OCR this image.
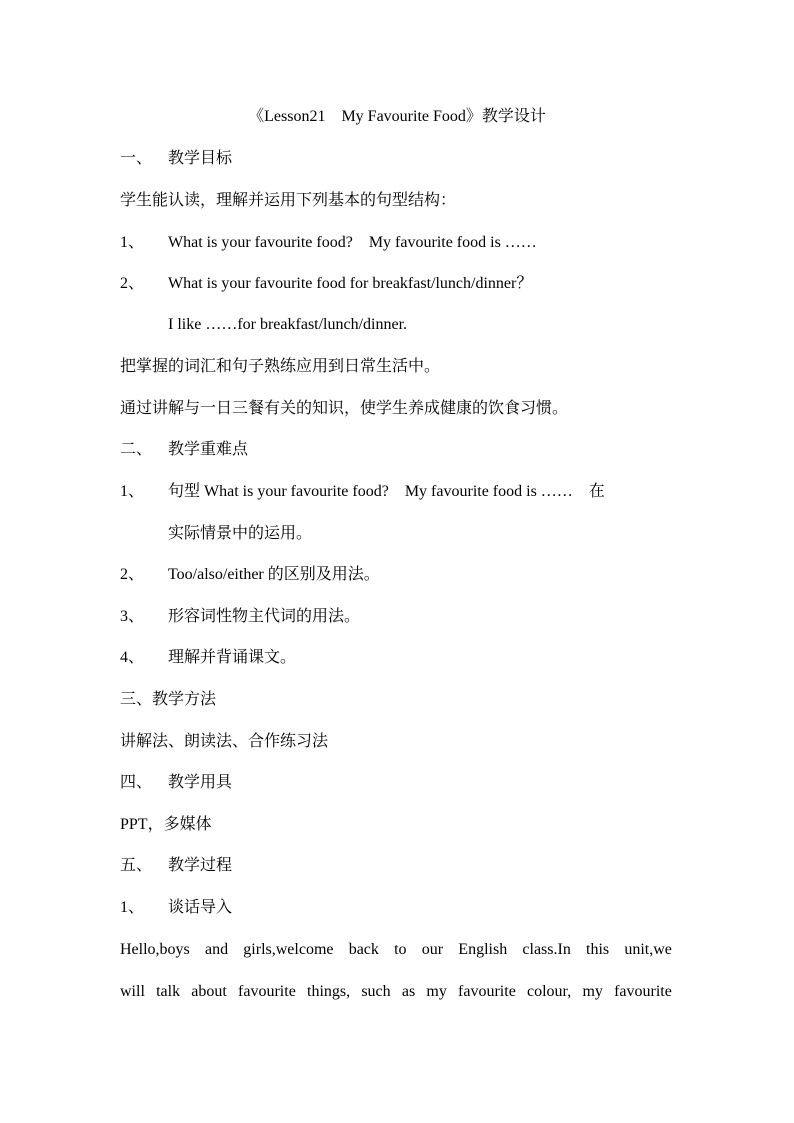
《Lesson21　My Favourite Food》教学设计
一、 教学目标
学生能认读，理解并运用下列基本的句型结构：
1、 What is your favourite food?　My favourite food is ……
2、 What is your favourite food for breakfast/lunch/dinner？
I like ……for breakfast/lunch/dinner.
把掌握的词汇和句子熟练应用到日常生活中。
通过讲解与一日三餐有关的知识，使学生养成健康的饮食习惯。
二、 教学重难点
1、 句型 What is your favourite food?　My favourite food is ……　在
实际情景中的运用。
2、 Too/also/either 的区别及用法。
3、 形容词性物主代词的用法。
4、 理解并背诵课文。
三、教学方法
讲解法、朗读法、合作练习法
四、 教学用具
PPT，多媒体
五、 教学过程
1、 谈话导入
Hello,boys and girls,welcome back to our English class.In this unit,we
will talk about favourite things, such as my favourite colour, my favourite
